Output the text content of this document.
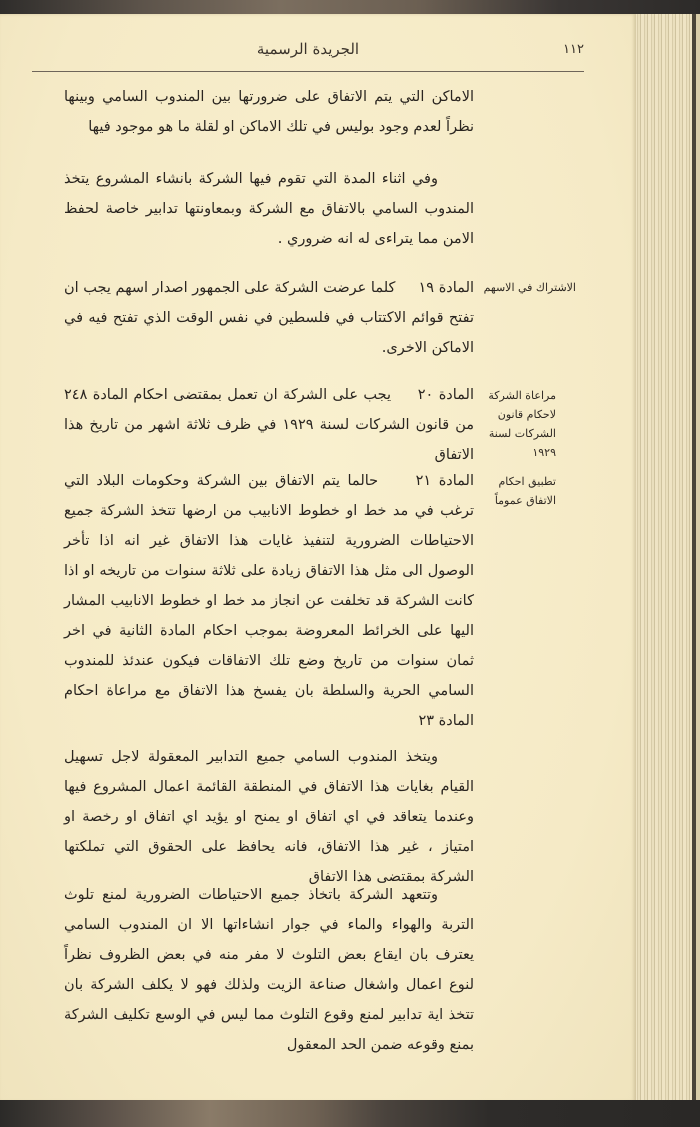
الجريدة الرسمية	١١٢
الاماكن التي يتم الاتفاق على ضرورتها بين المندوب السامي وبينها نظراً لعدم وجود بوليس في تلك الاماكن او لقلة ما هو موجود فيها
وفي اثناء المدة التي تقوم فيها الشركة بانشاء المشروع يتخذ المندوب السامي بالاتفاق مع الشركة وبمعاونتها تدابير خاصة لحفظ الامن مما يتراءى له انه ضروري .
الاشتراك في الاسهم
المادة ١٩     كلما عرضت الشركة على الجمهور اصدار اسهم يجب ان تفتح قوائم الاكتتاب في فلسطين في نفس الوقت الذي تفتح فيه في الاماكن الاخرى.
مراعاة الشركة
لاحكام قانون
الشركات لسنة ١٩٢٩
المادة ٢٠     يجب على الشركة ان تعمل بمقتضى احكام المادة ٢٤٨ من قانون الشركات لسنة ١٩٢٩ في ظرف ثلاثة اشهر من تاريخ هذا الاتفاق
تطبيق احكام
الاتفاق عموماً
المادة ٢١     حالما يتم الاتفاق بين الشركة وحكومات البلاد التي ترغب في مد خط او خطوط الانابيب من ارضها تتخذ الشركة جميع الاحتياطات الضرورية لتنفيذ غايات هذا الاتفاق غير انه اذا تأخر الوصول الى مثل هذا الاتفاق زيادة على ثلاثة سنوات من تاريخه او اذا كانت الشركة قد تخلفت عن انجاز مد خط او خطوط الانابيب المشار اليها على الخرائط المعروضة بموجب احكام المادة الثانية في اخر ثمان سنوات من تاريخ وضع تلك الاتفاقات فيكون عندئذ للمندوب السامي الحرية والسلطة بان يفسخ هذا الاتفاق مع مراعاة احكام المادة ٢٣
ويتخذ المندوب السامي جميع التدابير المعقولة لاجل تسهيل القيام بغايات هذا الاتفاق في المنطقة القائمة اعمال المشروع فيها وعندما يتعاقد في اي اتفاق او يمنح او يؤيد اي اتفاق او رخصة او امتياز ، غير هذا الاتفاق، فانه يحافظ على الحقوق التي تملكتها الشركة بمقتضى هذا الاتفاق
وتتعهد الشركة باتخاذ جميع الاحتياطات الضرورية لمنع تلوث التربة والهواء والماء في جوار انشاءاتها الا ان المندوب السامي يعترف بان ايقاع بعض التلوث لا مفر منه في بعض الظروف نظراً لنوع اعمال واشغال صناعة الزيت ولذلك فهو لا يكلف الشركة بان تتخذ اية تدابير لمنع وقوع التلوث مما ليس في الوسع تكليف الشركة بمنع وقوعه ضمن الحد المعقول
